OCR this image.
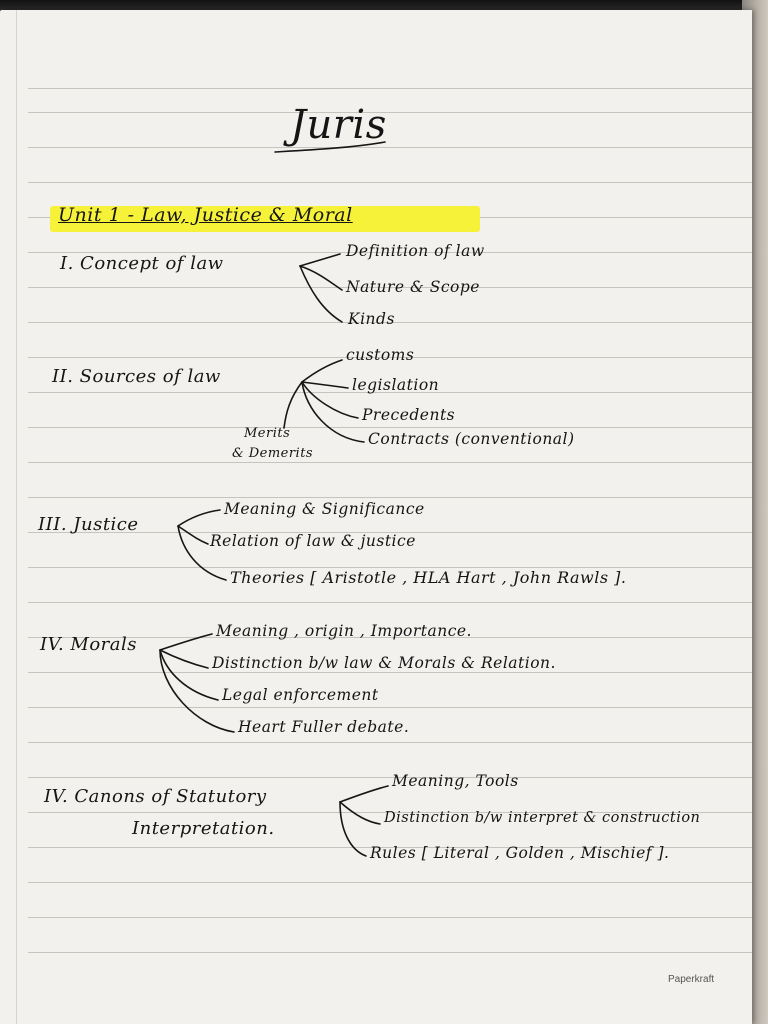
Juris
Unit 1 - Law, Justice & Moral
I. Concept of law
Definition of law
Nature & Scope
Kinds
II. Sources of law
customs
legislation
Precedents
Contracts (conventional)
Merits
& Demerits
III. Justice
Meaning & Significance
Relation of law & justice
Theories [ Aristotle , HLA Hart , John Rawls ].
IV. Morals
Meaning , origin , Importance.
Distinction b/w law & Morals & Relation.
Legal enforcement
Heart Fuller debate.
IV. Canons of Statutory
Interpretation.
Meaning, Tools
Distinction b/w interpret & construction
Rules [ Literal , Golden , Mischief ].
Paperkraft
